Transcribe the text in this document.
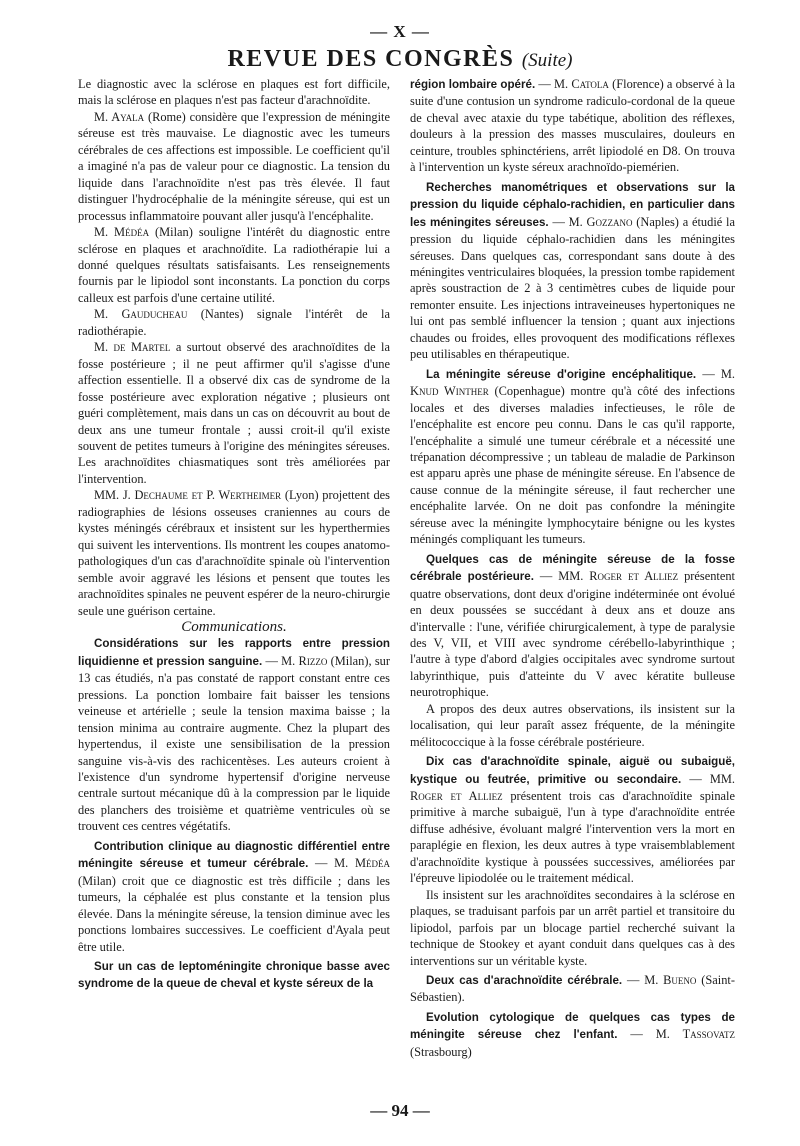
— X —
REVUE DES CONGRÈS (Suite)

Le diagnostic avec la sclérose en plaques est fort difficile, mais la sclérose en plaques n'est pas facteur d'arachnoïdite.

M. Ayala (Rome) considère que l'expression de méningite séreuse est très mauvaise. Le diagnostic avec les tumeurs cérébrales de ces affections est impossible. Le coefficient qu'il a imaginé n'a pas de valeur pour ce diagnostic. La tension du liquide dans l'arachnoïdite n'est pas très élevée. Il faut distinguer l'hydrocéphalie de la méningite séreuse, qui est un processus inflammatoire pouvant aller jusqu'à l'encéphalite.

M. Médéa (Milan) souligne l'intérêt du diagnostic entre sclérose en plaques et arachnoïdite. La radiothérapie lui a donné quelques résultats satisfaisants. Les renseignements fournis par le lipiodol sont inconstants. La ponction du corps calleux est parfois d'une certaine utilité.

M. Gauducheau (Nantes) signale l'intérêt de la radiothérapie.

M. de Martel a surtout observé des arachnoïdites de la fosse postérieure ; il ne peut affirmer qu'il s'agisse d'une affection essentielle. Il a observé dix cas de syndrome de la fosse postérieure avec exploration négative ; plusieurs ont guéri complètement, mais dans un cas on découvrit au bout de deux ans une tumeur frontale ; aussi croit-il qu'il existe souvent de petites tumeurs à l'origine des méningites séreuses. Les arachnoïdites chiasmatiques sont très améliorées par l'intervention.

MM. J. Dechaume et P. Wertheimer (Lyon) projettent des radiographies de lésions osseuses craniennes au cours de kystes méningés cérébraux et insistent sur les hyperthermies qui suivent les interventions. Ils montrent les coupes anatomo-pathologiques d'un cas d'arachnoïdite spinale où l'intervention semble avoir aggravé les lésions et pensent que toutes les arachnoïdites spinales ne peuvent espérer de la neuro-chirurgie seule une guérison certaine.

Communications.

Considérations sur les rapports entre pression liquidienne et pression sanguine. — M. Rizzo (Milan), sur 13 cas étudiés, n'a pas constaté de rapport constant entre ces pressions. La ponction lombaire fait baisser les tensions veineuse et artérielle ; seule la tension maxima baisse ; la tension minima au contraire augmente. Chez la plupart des hypertendus, il existe une sensibilisation de la pression sanguine vis-à-vis des rachicentèses. Les auteurs croient à l'existence d'un syndrome hypertensif d'origine nerveuse centrale surtout mécanique dû à la compression par le liquide des planchers des troisième et quatrième ventricules où se trouvent ces centres végétatifs.

Contribution clinique au diagnostic différentiel entre méningite séreuse et tumeur cérébrale. — M. Médéa (Milan) croit que ce diagnostic est très difficile ; dans les tumeurs, la céphalée est plus constante et la tension plus élevée. Dans la méningite séreuse, la tension diminue avec les ponctions lombaires successives. Le coefficient d'Ayala peut être utile.

Sur un cas de leptoméningite chronique basse avec syndrome de la queue de cheval et kyste séreux de la

région lombaire opéré. — M. Catola (Florence) a observé à la suite d'une contusion un syndrome radiculo-cordonal de la queue de cheval avec ataxie du type tabétique, abolition des réflexes, douleurs à la pression des masses musculaires, douleurs en ceinture, troubles sphinctériens, arrêt lipiodolé en D8. On trouva à l'intervention un kyste séreux arachnoïdo-piemérien.

Recherches manométriques et observations sur la pression du liquide céphalo-rachidien, en particulier dans les méningites séreuses. — M. Gozzano (Naples) a étudié la pression du liquide céphalo-rachidien dans les méningites séreuses. Dans quelques cas, correspondant sans doute à des méningites ventriculaires bloquées, la pression tombe rapidement après soustraction de 2 à 3 centimètres cubes de liquide pour remonter ensuite. Les injections intraveineuses hypertoniques ne lui ont pas semblé influencer la tension ; quant aux injections chaudes ou froides, elles provoquent des modifications réflexes peu utilisables en thérapeutique.

La méningite séreuse d'origine encéphalitique. — M. Knud Winther (Copenhague) montre qu'à côté des infections locales et des diverses maladies infectieuses, le rôle de l'encéphalite est encore peu connu. Dans le cas qu'il rapporte, l'encéphalite a simulé une tumeur cérébrale et a nécessité une trépanation décompressive ; un tableau de maladie de Parkinson est apparu après une phase de méningite séreuse. En l'absence de cause connue de la méningite séreuse, il faut rechercher une encéphalite larvée. On ne doit pas confondre la méningite séreuse avec la méningite lymphocytaire bénigne ou les kystes méningés compliquant les tumeurs.

Quelques cas de méningite séreuse de la fosse cérébrale postérieure. — MM. Roger et Alliez présentent quatre observations, dont deux d'origine indéterminée ont évolué en deux poussées se succédant à deux ans et douze ans d'intervalle : l'une, vérifiée chirurgicalement, à type de paralysie des V, VII, et VIII avec syndrome cérébello-labyrinthique ; l'autre à type d'abord d'algies occipitales avec syndrome surtout labyrinthique, puis d'atteinte du V avec kératite bulleuse neurotrophique.

A propos des deux autres observations, ils insistent sur la localisation, qui leur paraît assez fréquente, de la méningite mélitococcique à la fosse cérébrale postérieure.

Dix cas d'arachnoïdite spinale, aiguë ou subaiguë, kystique ou feutrée, primitive ou secondaire. — MM. Roger et Alliez présentent trois cas d'arachnoïdite spinale primitive à marche subaiguë, l'un à type d'arachnoïdite entrée diffuse adhésive, évoluant malgré l'intervention vers la mort en paraplégie en flexion, les deux autres à type vraisemblablement d'arachnoïdite kystique à poussées successives, améliorées par l'épreuve lipiodolée ou le traitement médical.

Ils insistent sur les arachnoïdites secondaires à la sclérose en plaques, se traduisant parfois par un arrêt partiel et transitoire du lipiodol, parfois par un blocage partiel recherché suivant la technique de Stookey et ayant conduit dans quelques cas à des interventions sur un véritable kyste.

Deux cas d'arachnoïdite cérébrale. — M. Bueno (Saint-Sébastien).

Evolution cytologique de quelques cas types de méningite séreuse chez l'enfant. — M. Tassovatz (Strasbourg)

— 94 —
